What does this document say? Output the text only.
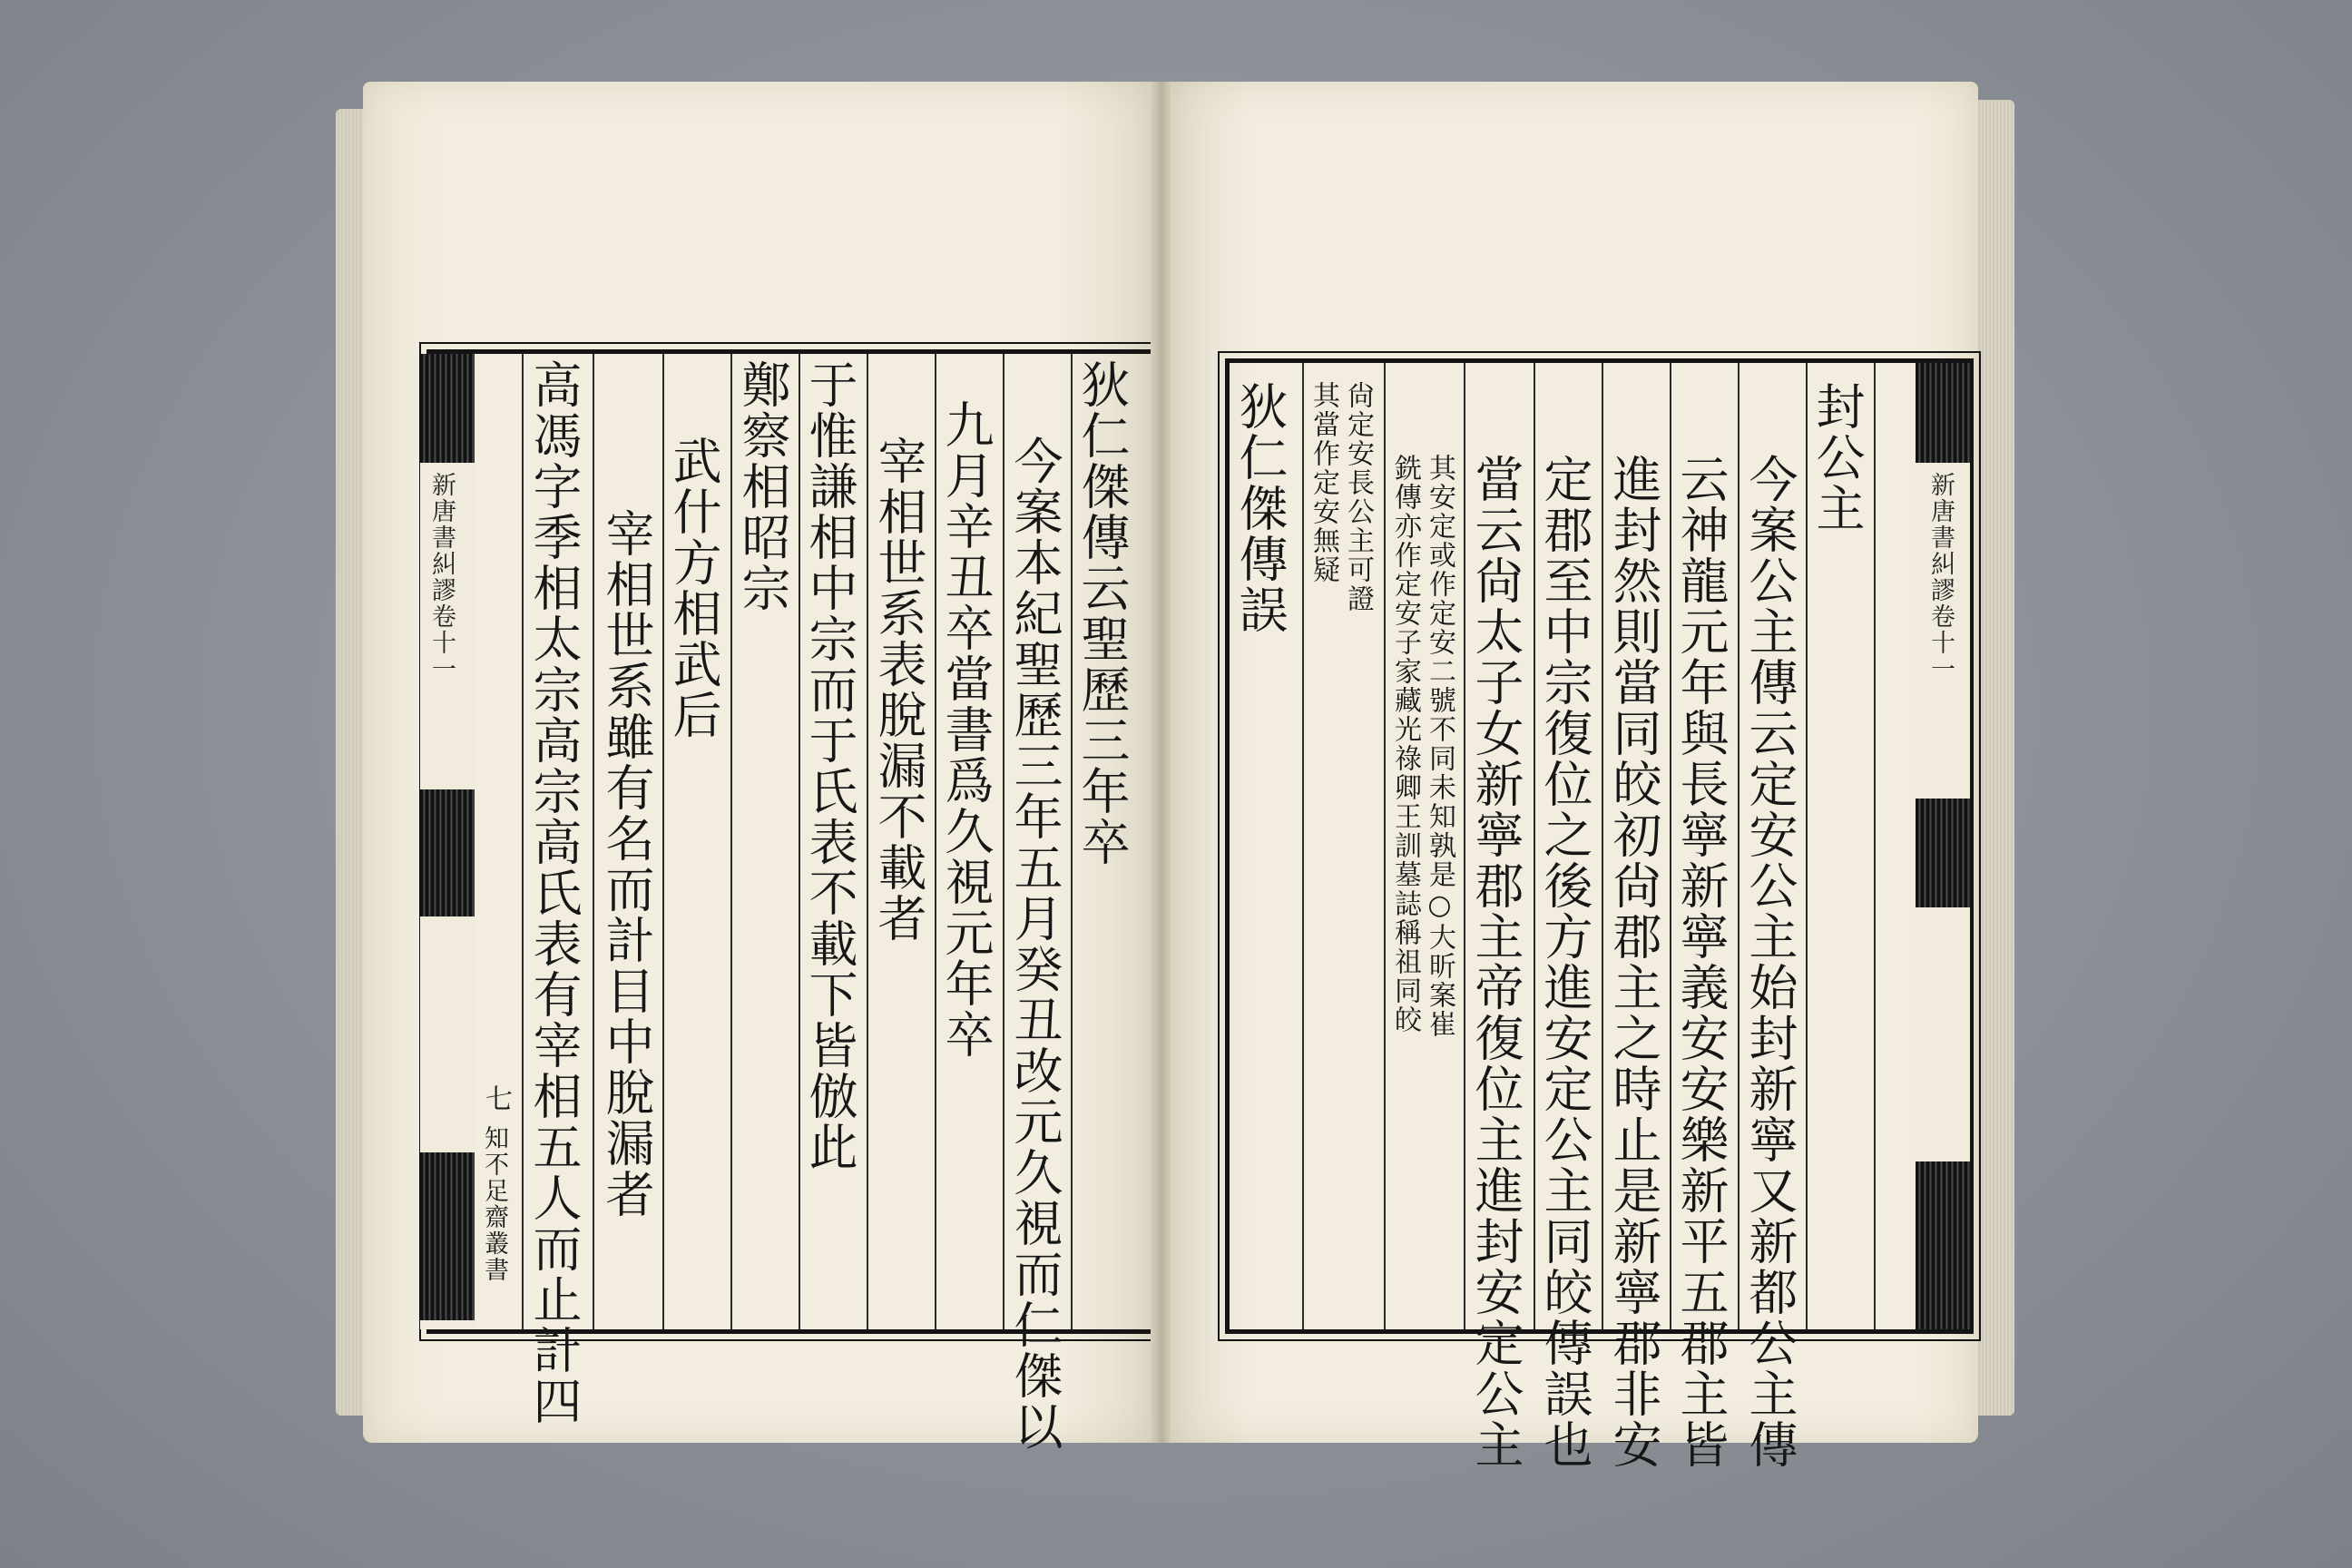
新唐書糾謬卷十一
知不足齋叢書
七 高馮字季相太宗高宗高氏表有宰相五人而止計四 宰相世系雖有名而計目中脫漏者 武什方相武后 鄭察相昭宗 于惟謙相中宗而于氏表不載下皆倣此 宰相世系表脫漏不載者 九月辛丑卒當書爲久視元年卒 今案本紀聖歷三年五月癸丑改元久視而仁傑以 狄仁傑傳云聖歷三年卒 狄仁傑傳誤 其當作定安無疑 尙定安長公主可證 銑傳亦作定安子家藏光祿卿王訓墓誌稱祖同皎 其安定或作定安二號不同未知孰是○大昕案崔 當云尙太子女新寧郡主帝復位主進封安定公主 定郡至中宗復位之後方進安定公主同皎傳誤也 進封然則當同皎初尙郡主之時止是新寧郡非安 云神龍元年與長寧新寧義安安樂新平五郡主皆 今案公主傳云定安公主始封新寧又新都公主傳 封公主
新唐書糾謬卷十一
